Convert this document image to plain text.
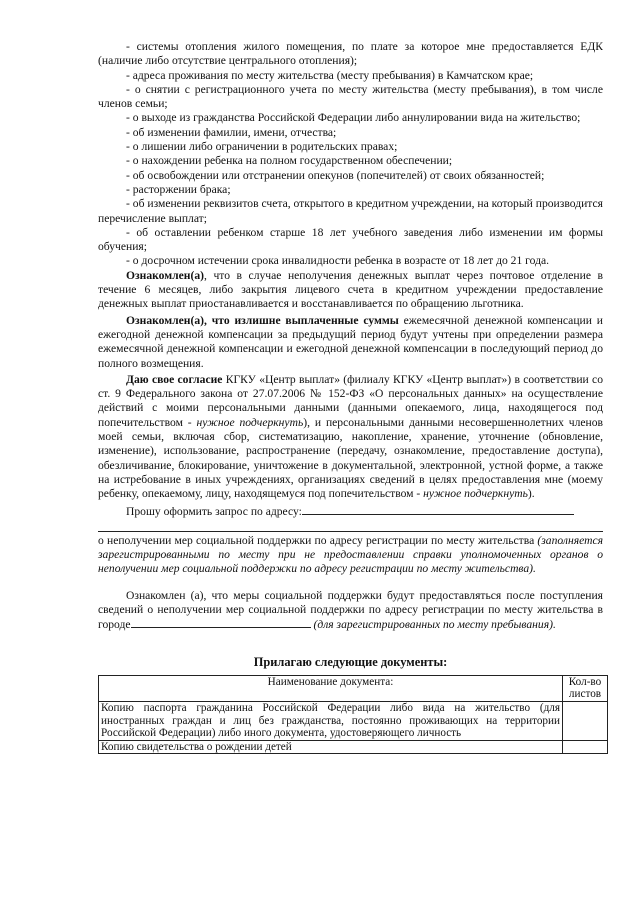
- системы отопления жилого помещения, по плате за которое мне предоставляется ЕДК (наличие либо отсутствие центрального отопления);

- адреса проживания по месту жительства (месту пребывания) в Камчатском крае;

- о снятии с регистрационного учета по месту жительства (месту пребывания), в том числе членов семьи;

- о выходе из гражданства Российской Федерации либо аннулировании вида на жительство;

- об изменении фамилии, имени, отчества;

- о лишении либо ограничении в родительских правах;

- о нахождении ребенка на полном государственном обеспечении;

- об освобождении или отстранении опекунов (попечителей) от своих обязанностей;

- расторжении брака;

- об изменении реквизитов счета, открытого в кредитном учреждении, на который производится перечисление выплат;

- об оставлении ребенком старше 18 лет учебного заведения либо изменении им формы обучения;

- о досрочном истечении срока инвалидности ребенка в возрасте от 18 лет до 21 года.

Ознакомлен(а), что в случае неполучения денежных выплат через почтовое отделение в течение 6 месяцев, либо закрытия лицевого счета в кредитном учреждении предоставление денежных выплат приостанавливается и восстанавливается по обращению льготника.

Ознакомлен(а), что излишне выплаченные суммы ежемесячной денежной компенсации и ежегодной денежной компенсации за предыдущий период будут учтены при определении размера ежемесячной денежной компенсации и ежегодной денежной компенсации в последующий период до полного возмещения.

Даю свое согласие КГКУ «Центр выплат» (филиалу КГКУ «Центр выплат») в соответствии со ст. 9 Федерального закона от 27.07.2006 № 152-ФЗ «О персональных данных» на осуществление действий с моими персональными данными (данными опекаемого, лица, находящегося под попечительством - нужное подчеркнуть), и персональными данными несовершеннолетних членов моей семьи, включая сбор, систематизацию, накопление, хранение, уточнение (обновление, изменение), использование, распространение (передачу, ознакомление, предоставление доступа), обезличивание, блокирование, уничтожение в документальной, электронной, устной форме, а также на истребование в иных учреждениях, организациях сведений в целях предоставления мне (моему ребенку, опекаемому, лицу, находящемуся под попечительством - нужное подчеркнуть).

Прошу оформить запрос по адресу:

о неполучении мер социальной поддержки по адресу регистрации по месту жительства (заполняется зарегистрированными по месту при не предоставлении справки уполномоченных органов о неполучении мер социальной поддержки по адресу регистрации по месту жительства).

Ознакомлен (а), что меры социальной поддержки будут предоставляться после поступления сведений о неполучении мер социальной поддержки по адресу регистрации по месту жительства в городе	(для зарегистрированных по месту пребывания).

Прилагаю следующие документы:
Наименование документа:	Кол-во листов
Копию паспорта гражданина Российской Федерации либо вида на жительство (для иностранных граждан и лиц без гражданства, постоянно проживающих на территории Российской Федерации) либо иного документа, удостоверяющего личность	
Копию свидетельства о рождении детей	
